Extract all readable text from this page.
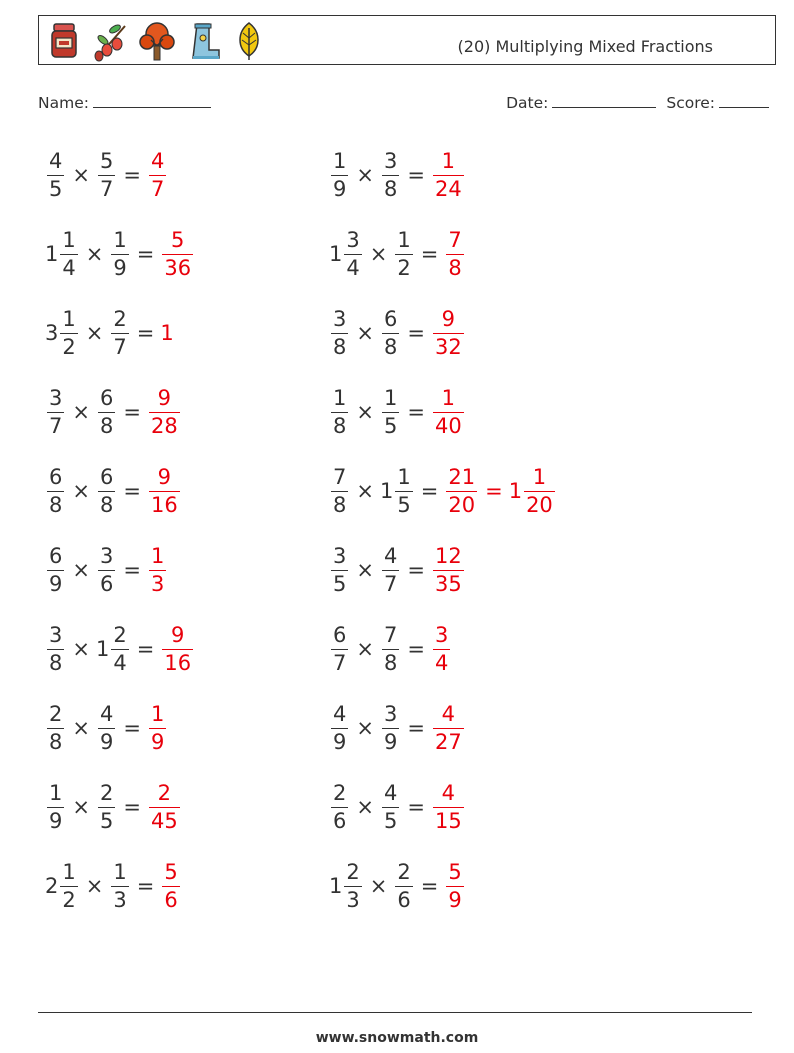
(20) Multiplying Mixed Fractions
Name:	Date:	Score:
$\frac{4}{5} \times \frac{5}{7} = \frac{4}{7}$
$1 \frac{1}{4} \times \frac{1}{9} = \frac{5}{36}$
$3 \frac{1}{2} \times \frac{2}{7} = 1$
$\frac{3}{7} \times \frac{6}{8} = \frac{9}{28}$
$\frac{6}{8} \times \frac{6}{8} = \frac{9}{16}$
$\frac{6}{9} \times \frac{3}{6} = \frac{1}{3}$
$\frac{3}{8} \times 1 \frac{2}{4} = \frac{9}{16}$
$\frac{2}{8} \times \frac{4}{9} = \frac{1}{9}$
$\frac{1}{9} \times \frac{2}{5} = \frac{2}{45}$
$2 \frac{1}{2} \times \frac{1}{3} = \frac{5}{6}$
$\frac{1}{9} \times \frac{3}{8} = \frac{1}{24}$
$1 \frac{3}{4} \times \frac{1}{2} = \frac{7}{8}$
$\frac{3}{8} \times \frac{6}{8} = \frac{9}{32}$
$\frac{1}{8} \times \frac{1}{5} = \frac{1}{40}$
$\frac{7}{8} \times 1 \frac{1}{5} = \frac{21}{20} = 1 \frac{1}{20}$
$\frac{3}{5} \times \frac{4}{7} = \frac{12}{35}$
$\frac{6}{7} \times \frac{7}{8} = \frac{3}{4}$
$\frac{4}{9} \times \frac{3}{9} = \frac{4}{27}$
$\frac{2}{6} \times \frac{4}{5} = \frac{4}{15}$
$1 \frac{2}{3} \times \frac{2}{6} = \frac{5}{9}$
www.snowmath.com
